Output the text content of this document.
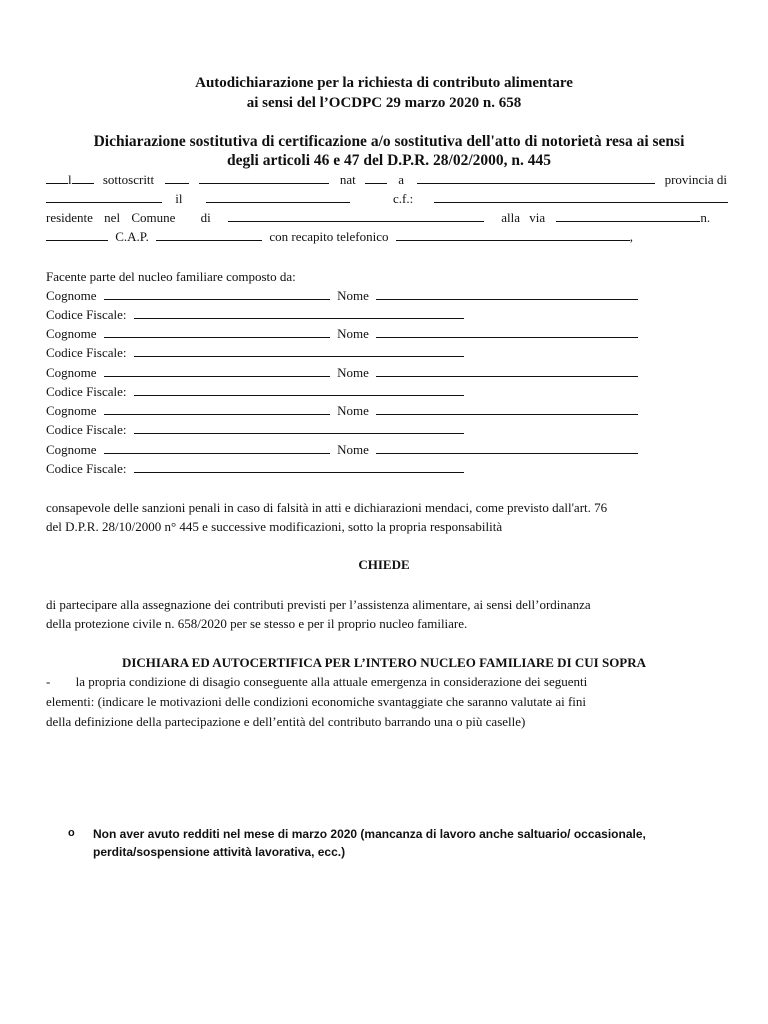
Autodichiarazione per la richiesta di contributo alimentare
ai sensi del l’OCDPC 29 marzo 2020 n. 658
Dichiarazione sostitutiva di certificazione a/o sostitutiva dell'atto di notorietà resa ai sensi
degli articoli 46 e 47 del D.P.R. 28/02/2000, n. 445
l sottoscritt	nat	a	provincia di
il	c.f.:
residente nel Comune di	alla via	n.
C.A.P.	con recapito telefonico	,
Facente parte del nucleo familiare composto da:
Cognome	Nome
Codice Fiscale:
Cognome	Nome
Codice Fiscale:
Cognome	Nome
Codice Fiscale:
Cognome	Nome
Codice Fiscale:
Cognome	Nome
Codice Fiscale:
consapevole delle sanzioni penali in caso di falsità in atti e dichiarazioni mendaci, come previsto dall'art. 76
del D.P.R. 28/10/2000 n° 445 e successive modificazioni, sotto la propria responsabilità
CHIEDE
di partecipare alla assegnazione dei contributi previsti per l’assistenza alimentare, ai sensi dell’ordinanza
della protezione civile n. 658/2020 per se stesso e per il proprio nucleo familiare.
DICHIARA ED AUTOCERTIFICA PER L’INTERO NUCLEO FAMILIARE DI CUI SOPRA
- la propria condizione di disagio conseguente alla attuale emergenza in considerazione dei seguenti
elementi: (indicare le motivazioni delle condizioni economiche svantaggiate che saranno valutate ai fini
della definizione della partecipazione e dell’entità del contributo barrando una o più caselle)
o Non aver avuto redditi nel mese di marzo 2020 (mancanza di lavoro anche saltuario/ occasionale,
perdita/sospensione attività lavorativa, ecc.)
